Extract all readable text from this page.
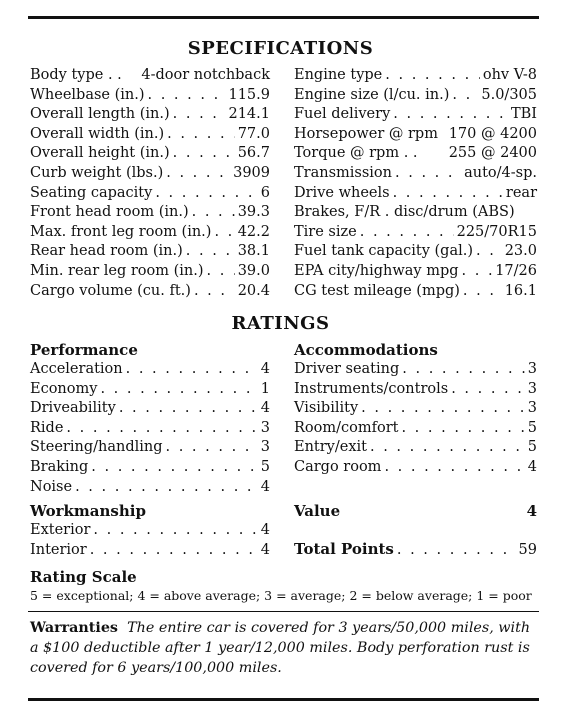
SPECIFICATIONS
Body type . . 4-door notchback
Wheelbase (in.) . . .	115.9
Overall length (in.) . . .	214.1
Overall width (in.) . . .	77.0
Overall height (in.) . . .	56.7
Curb weight (lbs.) . . .	3909
Seating capacity . . .	6
Front head room (in.) . . .	39.3
Max. front leg room (in.) . . . 42.2
Rear head room (in.) . . .	38.1
Min. rear leg room (in.) . . . 39.0
Cargo volume (cu. ft.) . . .	20.4
Engine type . . .	ohv V-8
Engine size (l/cu. in.) . . . 5.0/305
Fuel delivery . . .	TBI
Horsepower @ rpm 170 @ 4200
Torque @ rpm . . 255 @ 2400
Transmission . . .	auto/4-sp.
Drive wheels . . .	rear
Brakes, F/R . disc/drum (ABS)
Tire size . . .	225/70R15
Fuel tank capacity (gal.) . . . 23.0
EPA city/highway mpg . . .	17/26
CG test mileage (mpg) . . .	16.1
RATINGS
Performance
Acceleration . . .	4
Economy . . .	1
Driveability . . .	4
Ride . . .	3
Steering/handling . . .	3
Braking . . .	5
Noise . . .	4
Workmanship
Exterior . . .	4
Interior . . .	4
Accommodations
Driver seating . . .	3
Instruments/controls . . .	3
Visibility . . .	3
Room/comfort . . .	5
Entry/exit . . .	5
Cargo room . . .	4
Value	4
Total Points . . .	59
Rating Scale
5 = exceptional; 4 = above average; 3 = average; 2 = below average; 1 = poor
Warranties The entire car is covered for 3 years/50,000 miles, with a $100 deductible after 1 year/12,000 miles. Body perforation rust is covered for 6 years/100,000 miles.
